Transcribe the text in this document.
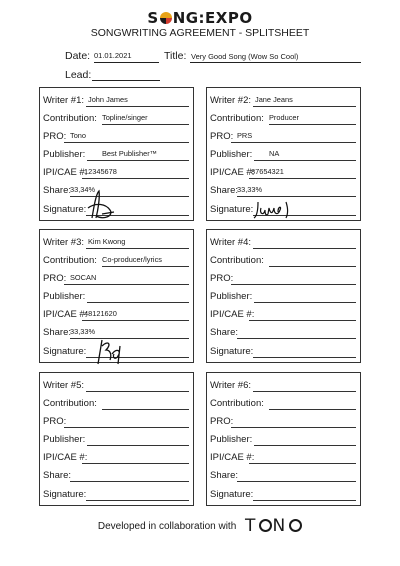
S NG:EXPO
SONGWRITING AGREEMENT - SPLITSHEET
Date: 01.01.2021	Title: Very Good Song (Wow So Cool)
Lead:
Writer #1: John James
Contribution: Topline/singer
PRO: Tono
Publisher: Best Publisher™
IPI/CAE #:
12345678
Share: 33,34%
Signature:
Writer #2: Jane Jeans
Contribution: Producer
PRO: PRS
Publisher: NA
IPI/CAE #:
87654321
Share: 33,33%
Signature:
Writer #3: Kim Kwong
Contribution: Co-producer/lyrics
PRO: SOCAN
Publisher:
IPI/CAE #:
48121620
Share: 33,33%
Signature:
Writer #4:
Contribution:
PRO:
Publisher:
IPI/CAE #:
Share:
Signature:
Writer #5:
Contribution:
PRO:
Publisher:
IPI/CAE #:
Share:
Signature:
Writer #6:
Contribution:
PRO:
Publisher:
IPI/CAE #:
Share:
Signature:
Developed in collaboration with T N
